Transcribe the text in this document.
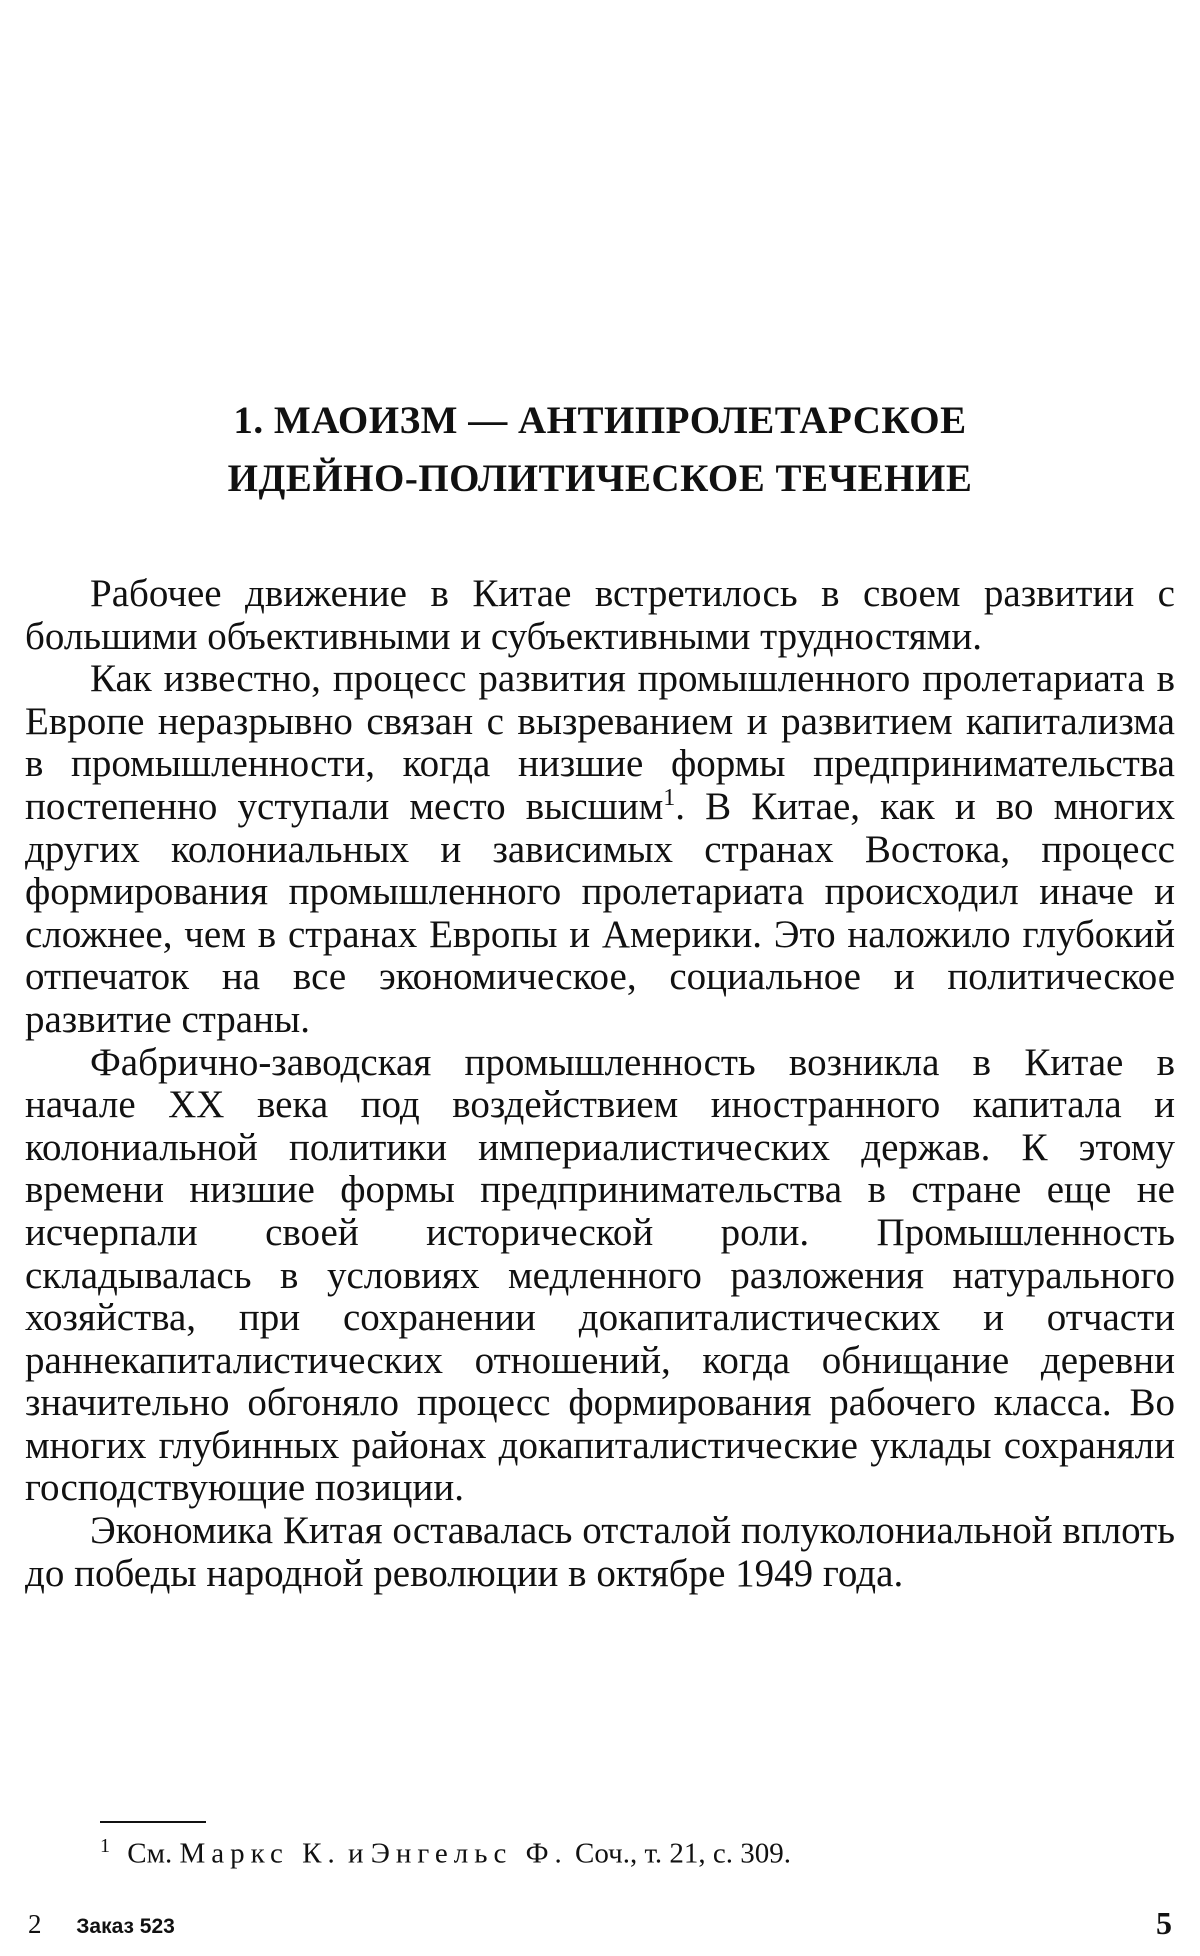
1. МАОИЗМ — АНТИПРОЛЕТАРСКОЕ
ИДЕЙНО-ПОЛИТИЧЕСКОЕ ТЕЧЕНИЕ

Рабочее движение в Китае встретилось в своем развитии с большими объективными и субъективными трудностями.

Как известно, процесс развития промышленного пролетариата в Европе неразрывно связан с вызреванием и развитием капитализма в промышленности, когда низшие формы предпринимательства постепенно уступали место высшим$^1$. В Китае, как и во многих других колониальных и зависимых странах Востока, процесс формирования промышленного пролетариата происходил иначе и сложнее, чем в странах Европы и Америки. Это наложило глубокий отпечаток на все экономическое, социальное и политическое развитие страны.

Фабрично-заводская промышленность возникла в Китае в начале XX века под воздействием иностранного капитала и колониальной политики империалистических держав. К этому времени низшие формы предпринимательства в стране еще не исчерпали своей исторической роли. Промышленность складывалась в условиях медленного разложения натурального хозяйства, при сохранении докапиталистических и отчасти раннекапиталистических отношений, когда обнищание деревни значительно обгоняло процесс формирования рабочего класса. Во многих глубинных районах докапиталистические уклады сохраняли господствующие позиции.

Экономика Китая оставалась отсталой полуколониальной вплоть до победы народной революции в октябре 1949 года.

$^1$ См. Маркс К. и Энгельс Ф. Соч., т. 21, с. 309.
2 Заказ 523	5
